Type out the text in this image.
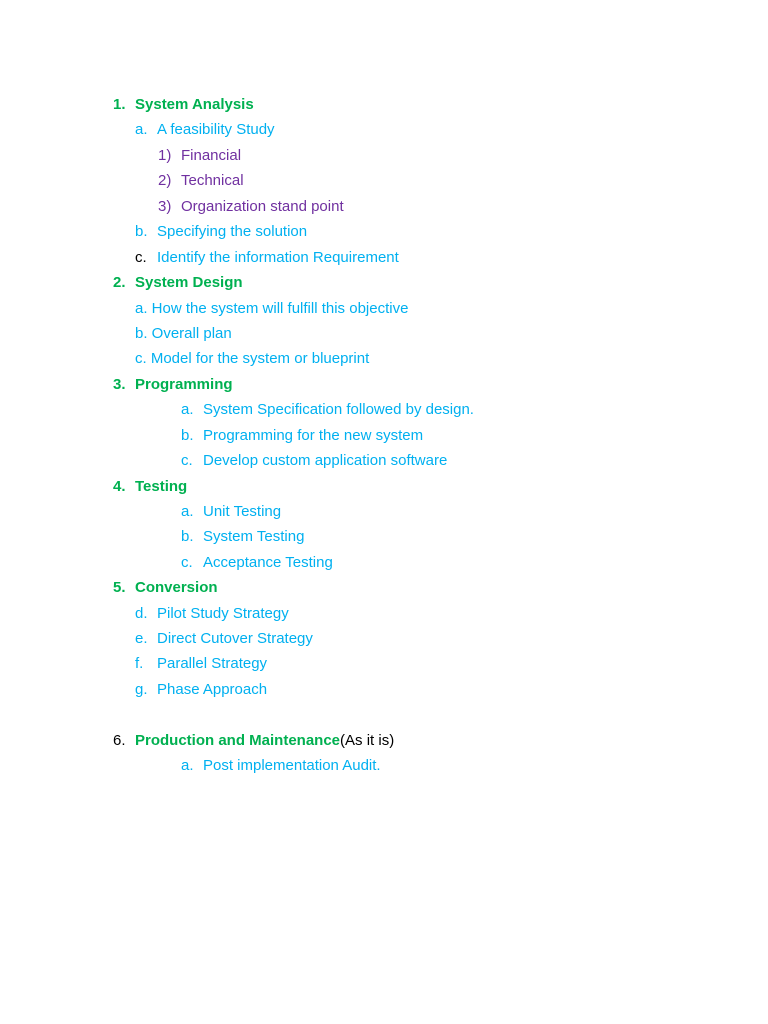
1. System Analysis
a. A feasibility Study
1) Financial
2) Technical
3) Organization stand point
b. Specifying the solution
c. Identify the information Requirement
2. System Design
a. How the system will fulfill this objective
b. Overall plan
c. Model for the system or blueprint
3. Programming
a. System Specification followed by design.
b. Programming for the new system
c. Develop custom application software
4. Testing
a. Unit Testing
b. System Testing
c. Acceptance Testing
5. Conversion
d. Pilot Study Strategy
e. Direct Cutover Strategy
f. Parallel Strategy
g. Phase Approach
6. Production and Maintenance(As it is)
a. Post implementation Audit.
